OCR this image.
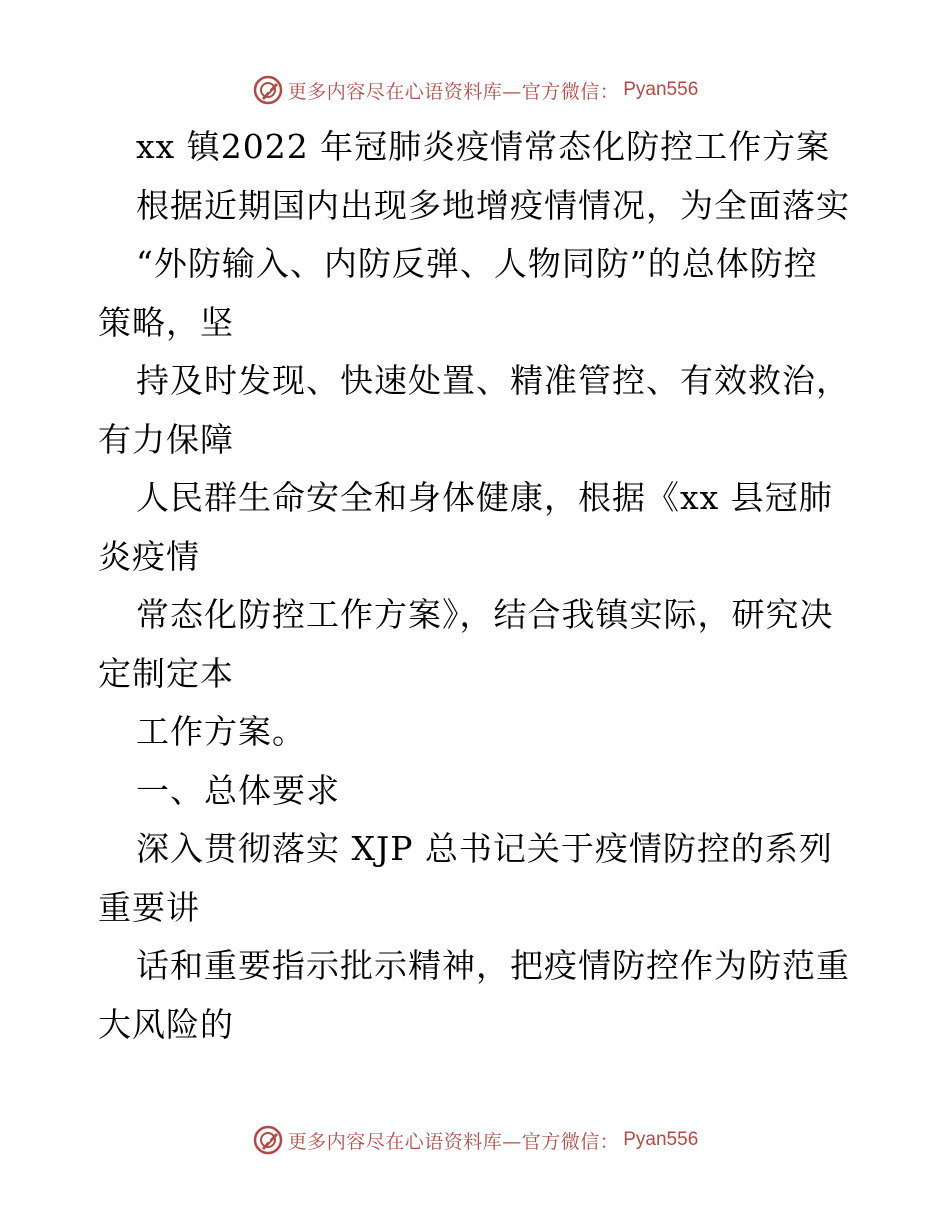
更多内容尽在心语资料库—官方微信： Pyan556
xx 镇2022 年冠肺炎疫情常态化防控工作方案
根据近期国内出现多地增疫情情况，为全面落实
“外防输入、内防反弹、人物同防”的总体防控
策略，坚
持及时发现、快速处置、精准管控、有效救治，
有力保障
人民群生命安全和身体健康，根据《xx 县冠肺
炎疫情
常态化防控工作方案》，结合我镇实际，研究决
定制定本
工作方案。
一、总体要求
深入贯彻落实 XJP 总书记关于疫情防控的系列
重要讲
话和重要指示批示精神，把疫情防控作为防范重
大风险的
更多内容尽在心语资料库—官方微信： Pyan556
